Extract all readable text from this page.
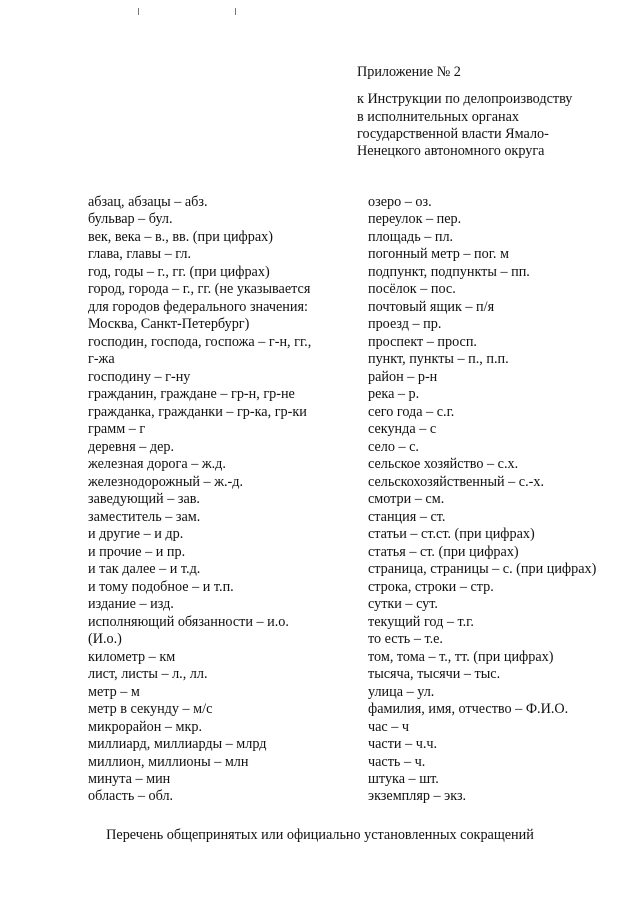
Приложение № 2
к Инструкции по делопроизводству
в исполнительных органах
государственной власти Ямало-
Ненецкого автономного округа
абзац, абзацы – абз.
бульвар – бул.
век, века – в., вв. (при цифрах)
глава, главы – гл.
год, годы – г., гг. (при цифрах)
город, города – г., гг. (не указывается
для городов федерального значения:
Москва, Санкт-Петербург)
господин, господа, госпожа – г-н, гг.,
г-жа
господину – г-ну
гражданин, граждане – гр-н, гр-не
гражданка, гражданки – гр-ка, гр-ки
грамм – г
деревня – дер.
железная дорога – ж.д.
железнодорожный – ж.-д.
заведующий – зав.
заместитель – зам.
и другие – и др.
и прочие – и пр.
и так далее – и т.д.
и тому подобное – и т.п.
издание – изд.
исполняющий обязанности – и.о.
(И.о.)
километр – км
лист, листы – л., лл.
метр – м
метр в секунду – м/с
микрорайон – мкр.
миллиард, миллиарды – млрд
миллион, миллионы – млн
минута – мин
область – обл.
озеро – оз.
переулок – пер.
площадь – пл.
погонный метр – пог. м
подпункт, подпункты – пп.
посёлок – пос.
почтовый ящик – п/я
проезд – пр.
проспект – просп.
пункт, пункты – п., п.п.
район – р-н
река – р.
сего года – с.г.
секунда – с
село – с.
сельское хозяйство – с.х.
сельскохозяйственный – с.-х.
смотри – см.
станция – ст.
статьи – ст.ст. (при цифрах)
статья – ст. (при цифрах)
страница, страницы – с. (при цифрах)
строка, строки – стр.
сутки – сут.
текущий год – т.г.
то есть – т.е.
том, тома – т., тт. (при цифрах)
тысяча, тысячи – тыс.
улица – ул.
фамилия, имя, отчество – Ф.И.О.
час – ч
части – ч.ч.
часть – ч.
штука – шт.
экземпляр – экз.
Перечень общепринятых или официально установленных сокращений
